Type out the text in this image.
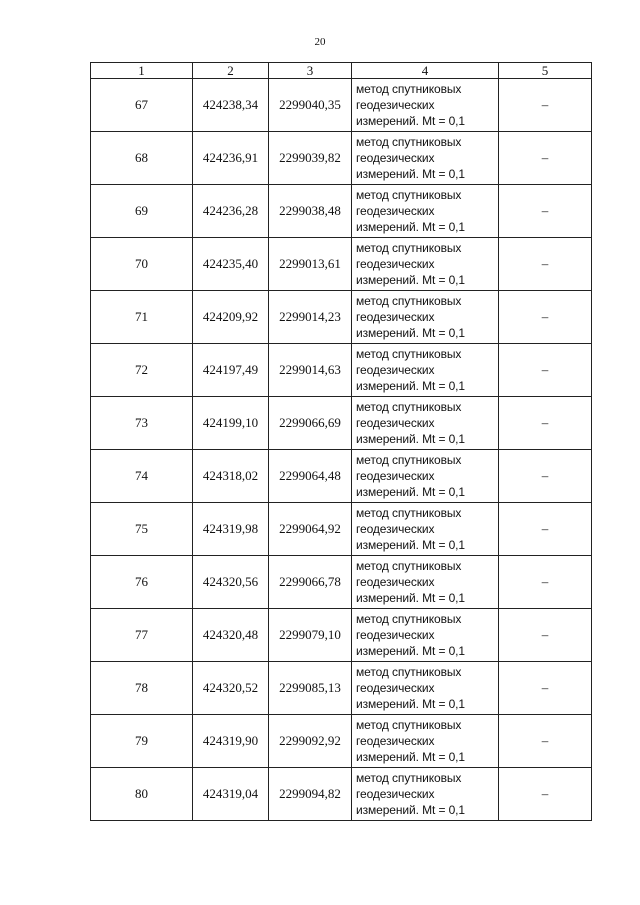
20
1	2	3	4	5
67	424238,34	2299040,35	метод спутниковых
геодезических
измерений. Mt = 0,1	–
68	424236,91	2299039,82	метод спутниковых
геодезических
измерений. Mt = 0,1	–
69	424236,28	2299038,48	метод спутниковых
геодезических
измерений. Mt = 0,1	–
70	424235,40	2299013,61	метод спутниковых
геодезических
измерений. Mt = 0,1	–
71	424209,92	2299014,23	метод спутниковых
геодезических
измерений. Mt = 0,1	–
72	424197,49	2299014,63	метод спутниковых
геодезических
измерений. Mt = 0,1	–
73	424199,10	2299066,69	метод спутниковых
геодезических
измерений. Mt = 0,1	–
74	424318,02	2299064,48	метод спутниковых
геодезических
измерений. Mt = 0,1	–
75	424319,98	2299064,92	метод спутниковых
геодезических
измерений. Mt = 0,1	–
76	424320,56	2299066,78	метод спутниковых
геодезических
измерений. Mt = 0,1	–
77	424320,48	2299079,10	метод спутниковых
геодезических
измерений. Mt = 0,1	–
78	424320,52	2299085,13	метод спутниковых
геодезических
измерений. Mt = 0,1	–
79	424319,90	2299092,92	метод спутниковых
геодезических
измерений. Mt = 0,1	–
80	424319,04	2299094,82	метод спутниковых
геодезических
измерений. Mt = 0,1	–
